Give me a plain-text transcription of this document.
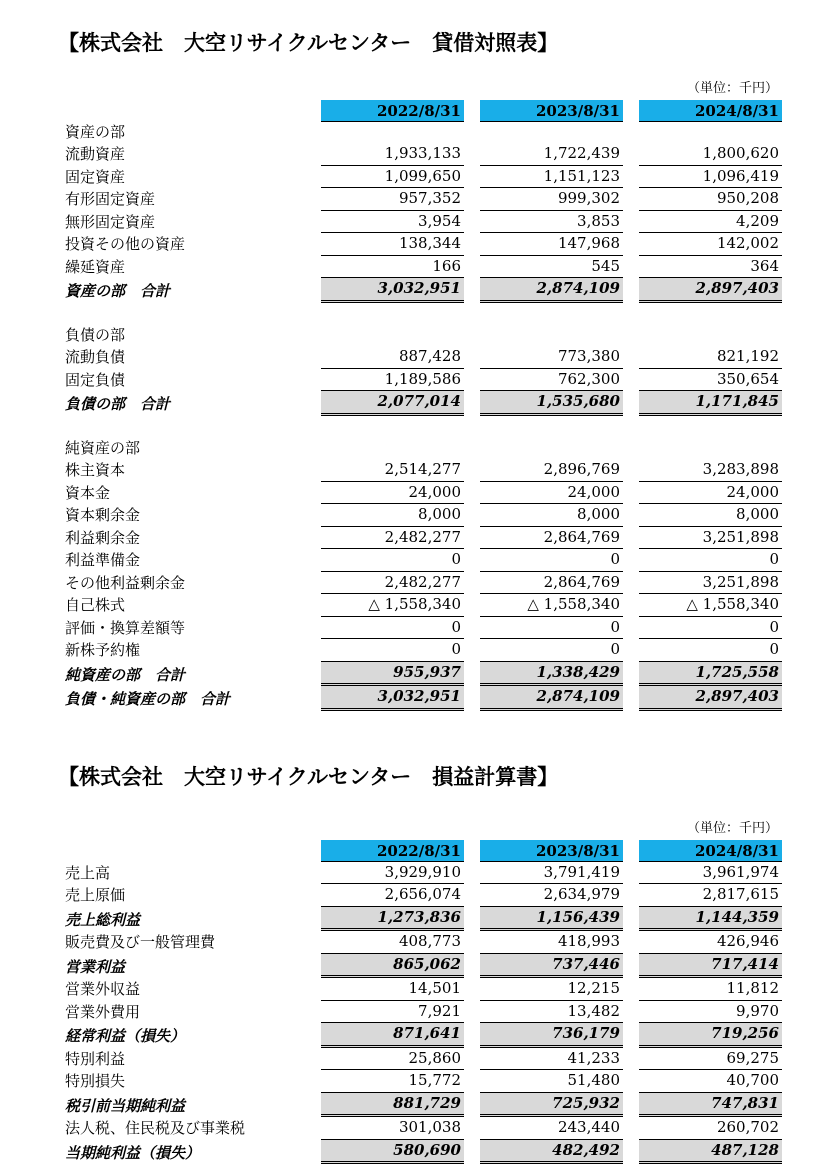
【株式会社　大空リサイクルセンター　貸借対照表】
（単位：千円）
		2022/8/31		2023/8/31		2024/8/31	
	資産の部						
	流動資産	1,933,133		1,722,439		1,800,620	
	固定資産	1,099,650		1,151,123		1,096,419	
	有形固定資産	957,352		999,302		950,208	
	無形固定資産	3,954		3,853		4,209	
	投資その他の資産	138,344		147,968		142,002	
	繰延資産	166		545		364	
	資産の部　合計	3,032,951		2,874,109		2,897,403	

	負債の部						
	流動負債	887,428		773,380		821,192	
	固定負債	1,189,586		762,300		350,654	
	負債の部　合計	2,077,014		1,535,680		1,171,845	

	純資産の部						
	株主資本	2,514,277		2,896,769		3,283,898	
	資本金	24,000		24,000		24,000	
	資本剰余金	8,000		8,000		8,000	
	利益剰余金	2,482,277		2,864,769		3,251,898	
	利益準備金	0		0		0	
	その他利益剰余金	2,482,277		2,864,769		3,251,898	
	自己株式	△ 1,558,340		△ 1,558,340		△ 1,558,340	
	評価・換算差額等	0		0		0	
	新株予約権	0		0		0	
	純資産の部　合計	955,937		1,338,429		1,725,558	
	負債・純資産の部　合計	3,032,951		2,874,109		2,897,403	
【株式会社　大空リサイクルセンター　損益計算書】
（単位：千円）
		2022/8/31		2023/8/31		2024/8/31	
	売上高	3,929,910		3,791,419		3,961,974	
	売上原価	2,656,074		2,634,979		2,817,615	
	売上総利益	1,273,836		1,156,439		1,144,359	
	販売費及び一般管理費	408,773		418,993		426,946	
	営業利益	865,062		737,446		717,414	
	営業外収益	14,501		12,215		11,812	
	営業外費用	7,921		13,482		9,970	
	経常利益（損失）	871,641		736,179		719,256	
	特別利益	25,860		41,233		69,275	
	特別損失	15,772		51,480		40,700	
	税引前当期純利益	881,729		725,932		747,831	
	法人税、住民税及び事業税	301,038		243,440		260,702	
	当期純利益（損失）	580,690		482,492		487,128	
